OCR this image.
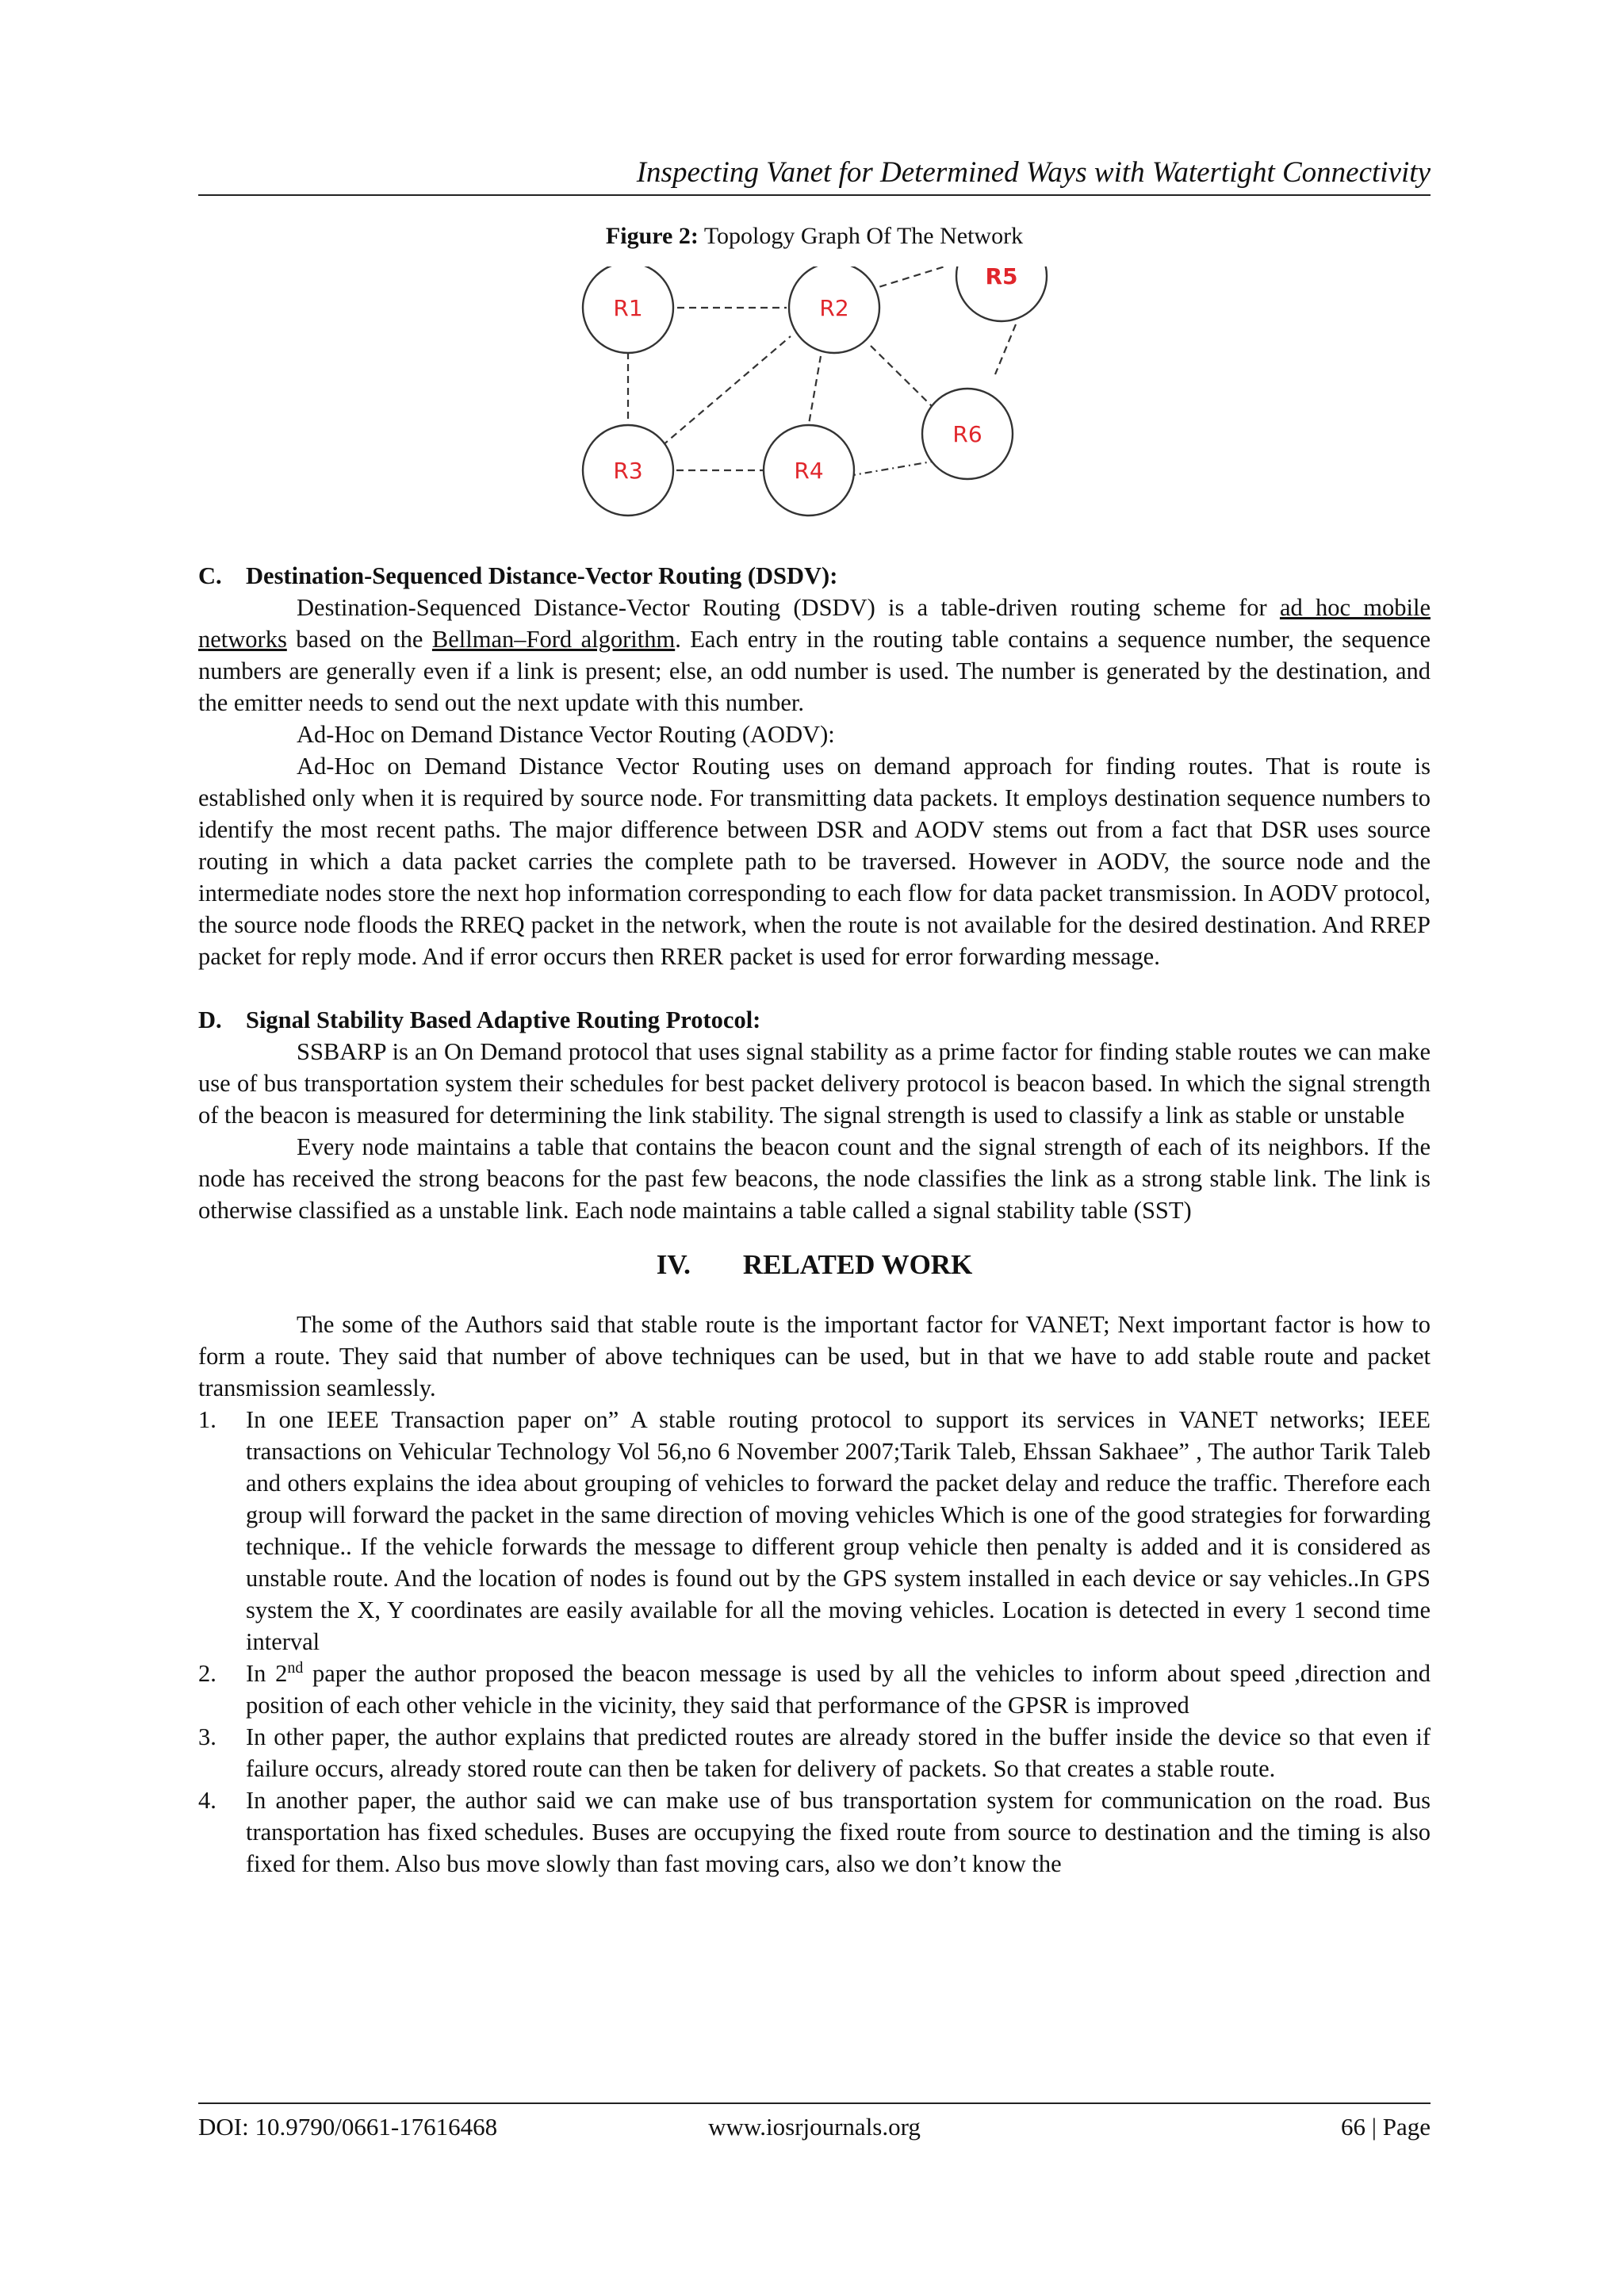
Inspecting Vanet for Determined Ways with Watertight Connectivity
Figure 2: Topology Graph Of The Network
R1	R2
R5
R3	R4
R6

C. Destination-Sequenced Distance-Vector Routing (DSDV):

Destination-Sequenced Distance-Vector Routing (DSDV) is a table-driven routing scheme for ad hoc mobile networks based on the Bellman–Ford algorithm. Each entry in the routing table contains a sequence number, the sequence numbers are generally even if a link is present; else, an odd number is used. The number is generated by the destination, and the emitter needs to send out the next update with this number.

Ad-Hoc on Demand Distance Vector Routing (AODV):

Ad-Hoc on Demand Distance Vector Routing uses on demand approach for finding routes. That is route is established only when it is required by source node. For transmitting data packets. It employs destination sequence numbers to identify the most recent paths. The major difference between DSR and AODV stems out from a fact that DSR uses source routing in which a data packet carries the complete path to be traversed. However in AODV, the source node and the intermediate nodes store the next hop information corresponding to each flow for data packet transmission. In AODV protocol, the source node floods the RREQ packet in the network, when the route is not available for the desired destination. And RREP packet for reply mode. And if error occurs then RRER packet is used for error forwarding message.

D. Signal Stability Based Adaptive Routing Protocol:

SSBARP is an On Demand protocol that uses signal stability as a prime factor for finding stable routes we can make use of bus transportation system their schedules for best packet delivery protocol is beacon based. In which the signal strength of the beacon is measured for determining the link stability. The signal strength is used to classify a link as stable or unstable

Every node maintains a table that contains the beacon count and the signal strength of each of its neighbors. If the node has received the strong beacons for the past few beacons, the node classifies the link as a strong stable link. The link is otherwise classified as a unstable link. Each node maintains a table called a signal stability table (SST)

IV. RELATED WORK

The some of the Authors said that stable route is the important factor for VANET; Next important factor is how to form a route. They said that number of above techniques can be used, but in that we have to add stable route and packet transmission seamlessly.

1. In one IEEE Transaction paper on” A stable routing protocol to support its services in VANET networks; IEEE transactions on Vehicular Technology Vol 56,no 6 November 2007;Tarik Taleb, Ehssan Sakhaee” , The author Tarik Taleb and others explains the idea about grouping of vehicles to forward the packet delay and reduce the traffic. Therefore each group will forward the packet in the same direction of moving vehicles Which is one of the good strategies for forwarding technique.. If the vehicle forwards the message to different group vehicle then penalty is added and it is considered as unstable route. And the location of nodes is found out by the GPS system installed in each device or say vehicles..In GPS system the X, Y coordinates are easily available for all the moving vehicles. Location is detected in every 1 second time interval
2. In 2nd paper the author proposed the beacon message is used by all the vehicles to inform about speed ,direction and position of each other vehicle in the vicinity, they said that performance of the GPSR is improved
3. In other paper, the author explains that predicted routes are already stored in the buffer inside the device so that even if failure occurs, already stored route can then be taken for delivery of packets. So that creates a stable route.
4. In another paper, the author said we can make use of bus transportation system for communication on the road. Bus transportation has fixed schedules. Buses are occupying the fixed route from source to destination and the timing is also fixed for them. Also bus move slowly than fast moving cars, also we don’t know the
DOI: 10.9790/0661-17616468	www.iosrjournals.org	66 | Page
